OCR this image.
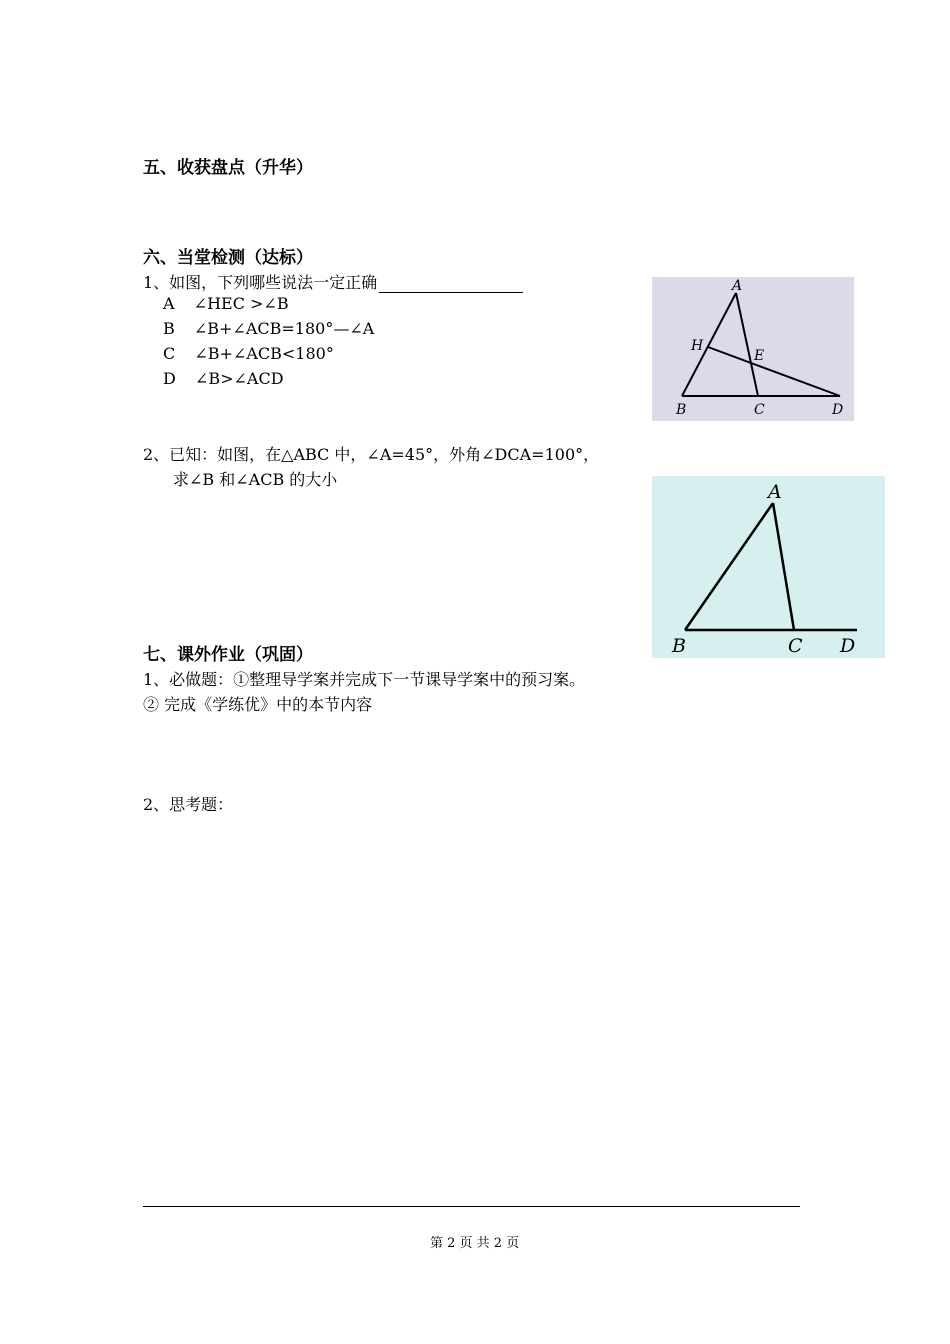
五、收获盘点（升华）
六、当堂检测（达标）
1、如图，下列哪些说法一定正确
A ∠HEC >∠B
B ∠B+∠ACB=180°—∠A
C ∠B+∠ACB<180°
D ∠B>∠ACD
A
H
E
B	C	D
2、已知：如图，在△ABC 中，∠A=45°，外角∠DCA=100°，
求∠B 和∠ACB 的大小
A
B	C D
七、课外作业（巩固）
1、必做题：①整理导学案并完成下一节课导学案中的预习案。
② 完成《学练优》中的本节内容
2、思考题：
第 2 页 共 2 页
